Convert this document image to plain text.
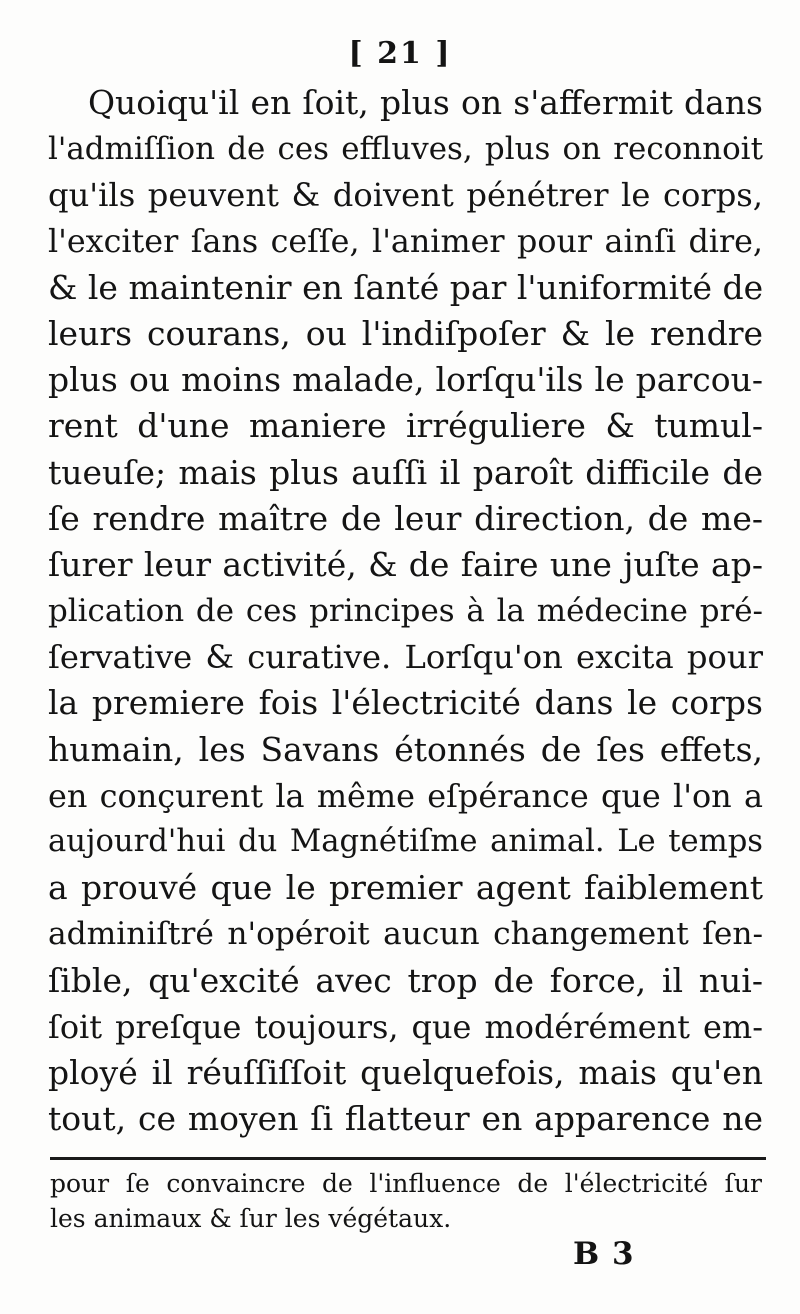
[ 21 ]
Quoiqu'il en ſoit, plus on s'affermit dans
l'admiſſion de ces effluves, plus on reconnoit
qu'ils peuvent & doivent pénétrer le corps,
l'exciter ſans ceſſe, l'animer pour ainſi dire,
& le maintenir en ſanté par l'uniformité de
leurs courans, ou l'indiſpoſer & le rendre
plus ou moins malade, lorſqu'ils le parcou-
rent d'une maniere irréguliere & tumul-
tueuſe; mais plus auſſi il paroît difficile de
ſe rendre maître de leur direction, de me-
ſurer leur activité, & de faire une juſte ap-
plication de ces principes à la médecine pré-
ſervative & curative. Lorſqu'on excita pour
la premiere fois l'électricité dans le corps
humain, les Savans étonnés de ſes effets,
en conçurent la même eſpérance que l'on a
aujourd'hui du Magnétiſme animal. Le temps
a prouvé que le premier agent faiblement
adminiſtré n'opéroit aucun changement ſen-
ſible, qu'excité avec trop de force, il nui-
ſoit preſque toujours, que modérément em-
ployé il réuſſiſſoit quelquefois, mais qu'en
tout, ce moyen ſi flatteur en apparence ne
pour ſe convaincre de l'influence de l'électricité ſur
les animaux & ſur les végétaux.
B 3
